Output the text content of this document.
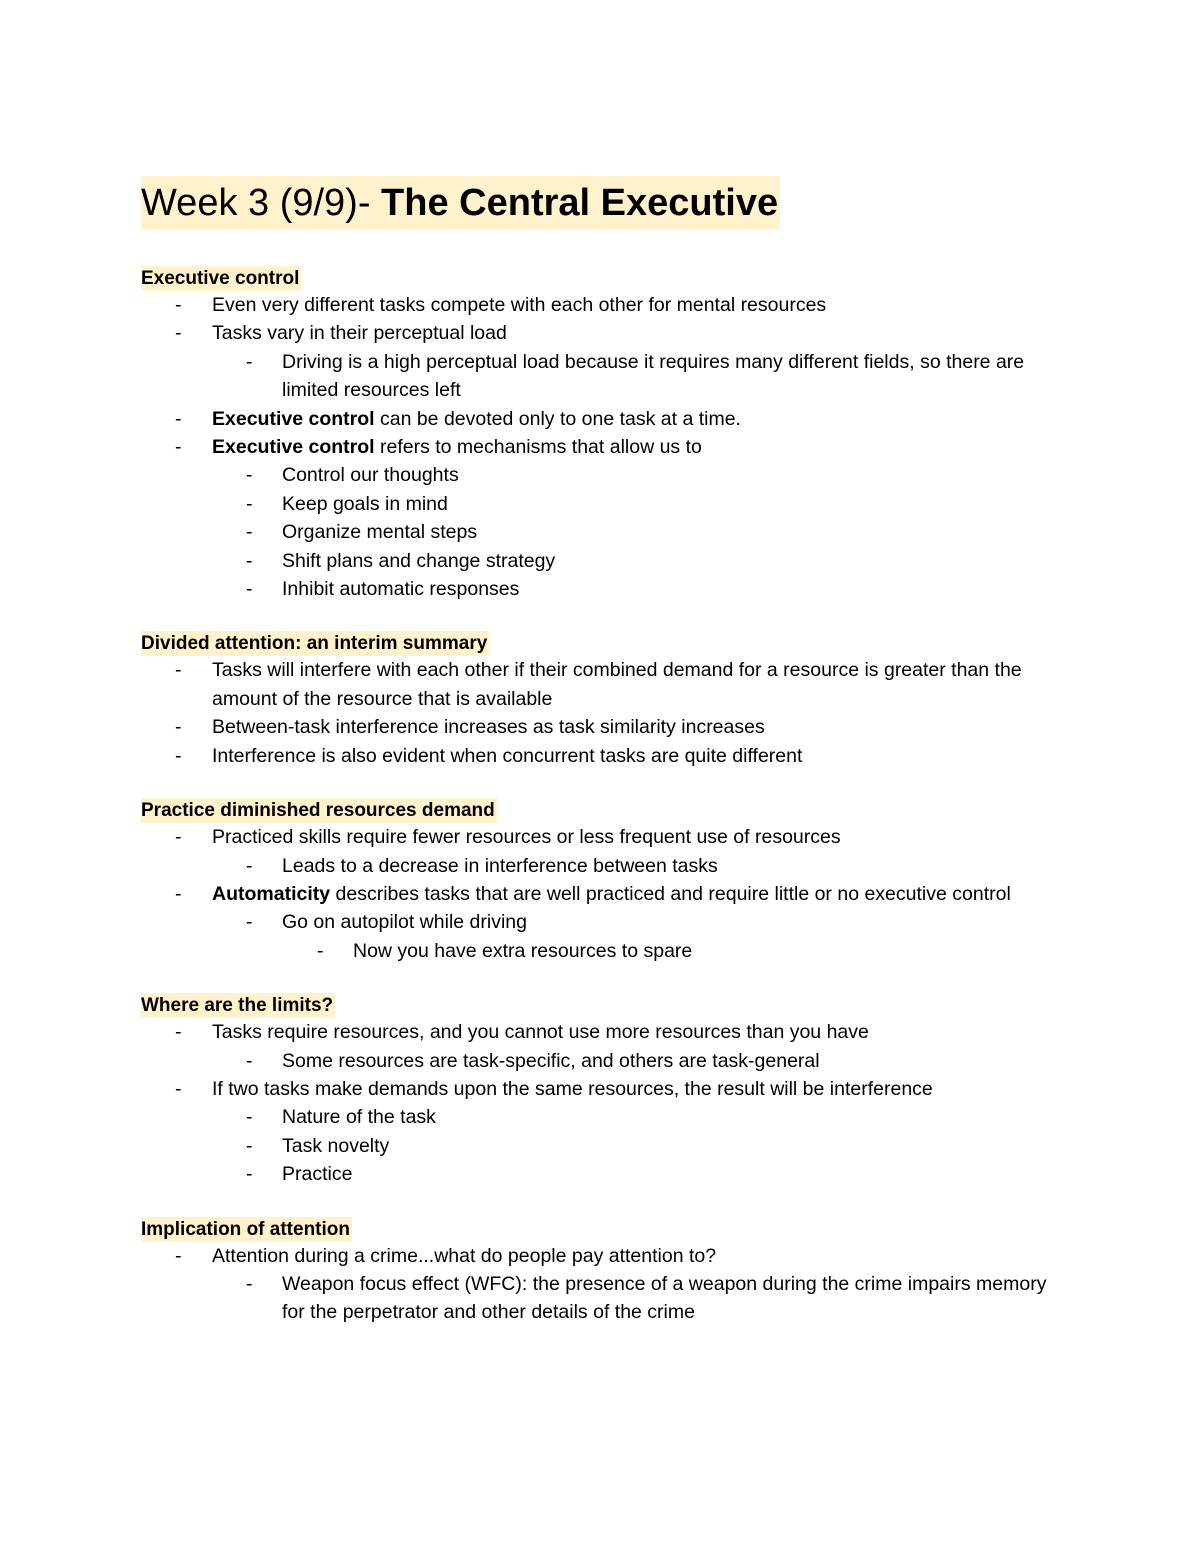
Week 3 (9/9)- The Central Executive
Executive control
- Even very different tasks compete with each other for mental resources
- Tasks vary in their perceptual load
- Driving is a high perceptual load because it requires many different fields, so there are limited resources left
- Executive control can be devoted only to one task at a time.
- Executive control refers to mechanisms that allow us to
- Control our thoughts
- Keep goals in mind
- Organize mental steps
- Shift plans and change strategy
- Inhibit automatic responses
Divided attention: an interim summary
- Tasks will interfere with each other if their combined demand for a resource is greater than the amount of the resource that is available
- Between-task interference increases as task similarity increases
- Interference is also evident when concurrent tasks are quite different
Practice diminished resources demand
- Practiced skills require fewer resources or less frequent use of resources
- Leads to a decrease in interference between tasks
- Automaticity describes tasks that are well practiced and require little or no executive control
- Go on autopilot while driving
- Now you have extra resources to spare
Where are the limits?
- Tasks require resources, and you cannot use more resources than you have
- Some resources are task-specific, and others are task-general
- If two tasks make demands upon the same resources, the result will be interference
- Nature of the task
- Task novelty
- Practice
Implication of attention
- Attention during a crime...what do people pay attention to?
- Weapon focus effect (WFC): the presence of a weapon during the crime impairs memory for the perpetrator and other details of the crime
